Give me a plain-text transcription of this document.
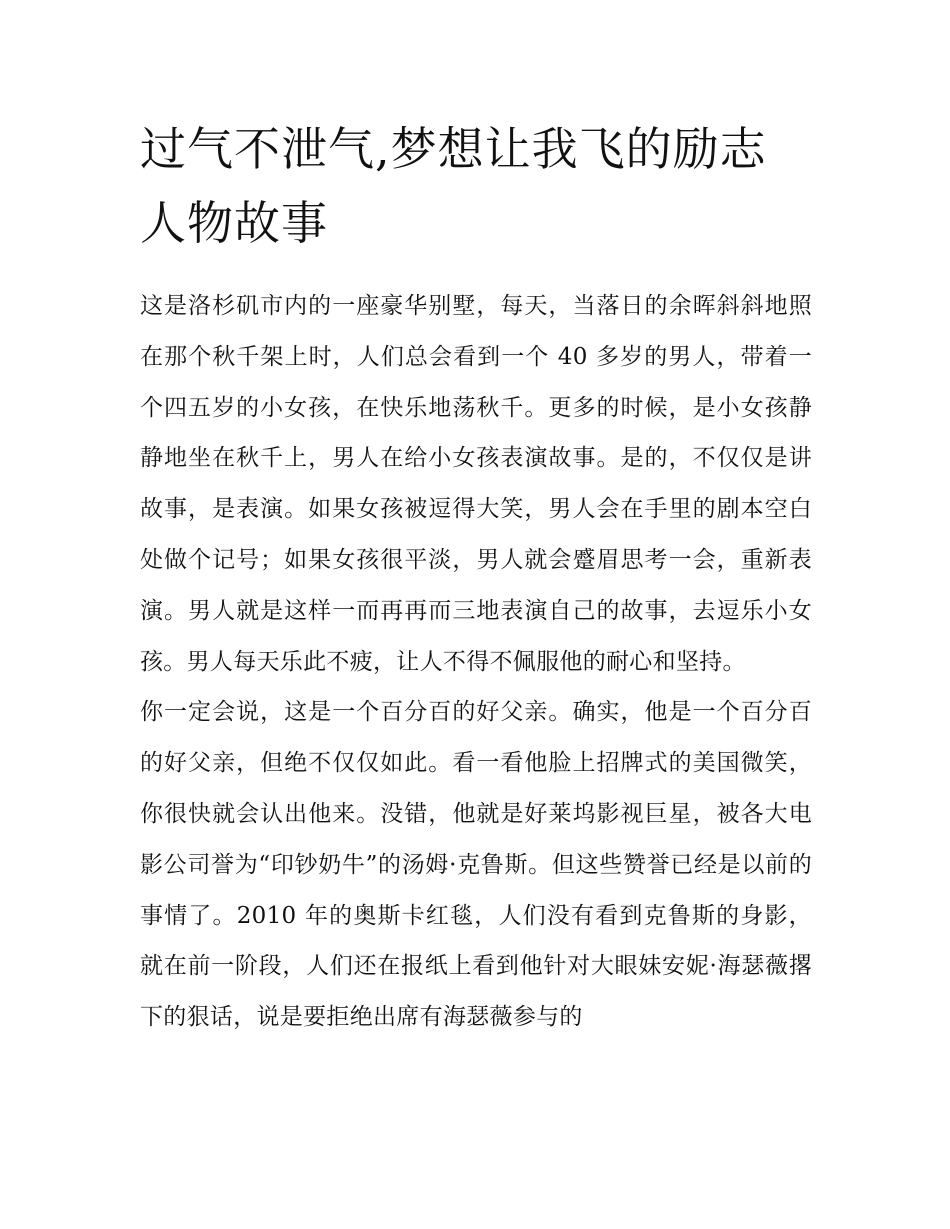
过气不泄气,梦想让我飞的励志人物故事

这是洛杉矶市内的一座豪华别墅，每天，当落日的余晖斜斜地照在那个秋千架上时，人们总会看到一个 40 多岁的男人，带着一个四五岁的小女孩，在快乐地荡秋千。更多的时候，是小女孩静静地坐在秋千上，男人在给小女孩表演故事。是的，不仅仅是讲故事，是表演。如果女孩被逗得大笑，男人会在手里的剧本空白处做个记号；如果女孩很平淡，男人就会蹙眉思考一会，重新表演。男人就是这样一而再再而三地表演自己的故事，去逗乐小女孩。男人每天乐此不疲，让人不得不佩服他的耐心和坚持。

你一定会说，这是一个百分百的好父亲。确实，他是一个百分百的好父亲，但绝不仅仅如此。看一看他脸上招牌式的美国微笑，你很快就会认出他来。没错，他就是好莱坞影视巨星，被各大电影公司誉为“印钞奶牛”的汤姆·克鲁斯。但这些赞誉已经是以前的事情了。2010 年的奥斯卡红毯，人们没有看到克鲁斯的身影，就在前一阶段，人们还在报纸上看到他针对大眼妹安妮·海瑟薇撂下的狠话，说是要拒绝出席有海瑟薇参与的
